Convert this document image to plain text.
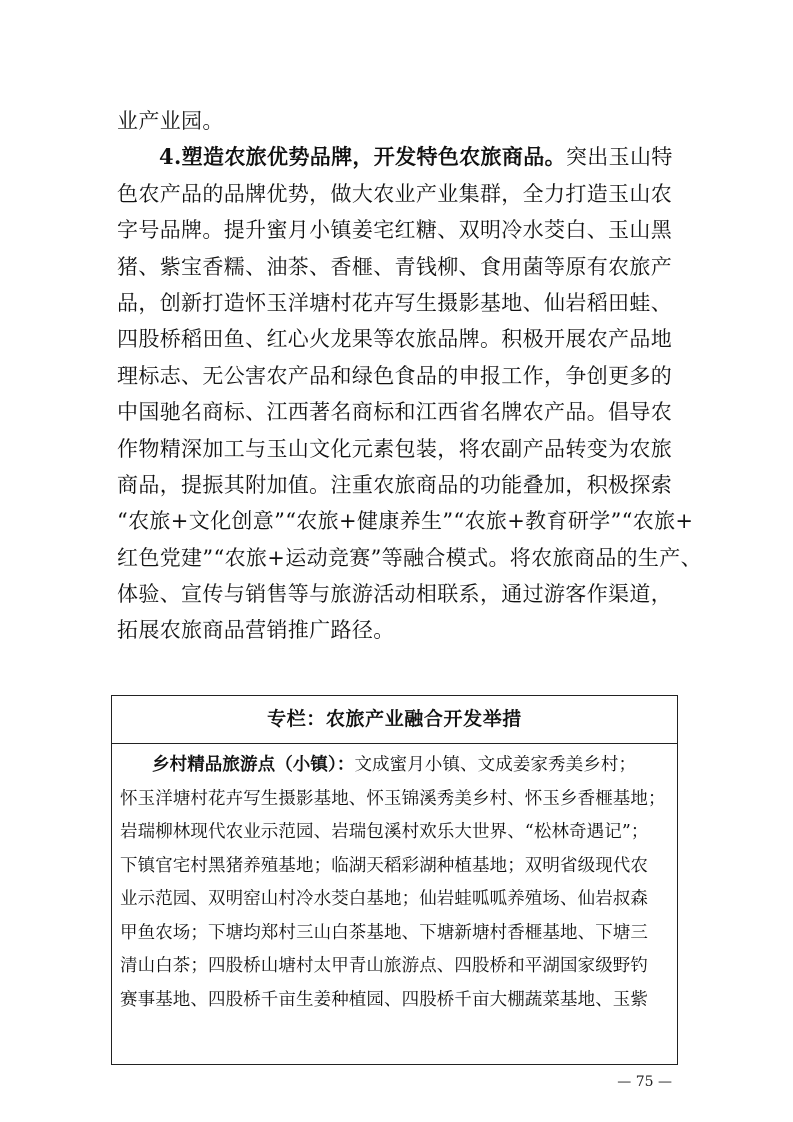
业产业园。
4.塑造农旅优势品牌，开发特色农旅商品。突出玉山特
色农产品的品牌优势，做大农业产业集群，全力打造玉山农
字号品牌。提升蜜月小镇姜宅红糖、双明冷水茭白、玉山黑
猪、紫宝香糯、油茶、香榧、青钱柳、食用菌等原有农旅产
品，创新打造怀玉洋塘村花卉写生摄影基地、仙岩稻田蛙、
四股桥稻田鱼、红心火龙果等农旅品牌。积极开展农产品地
理标志、无公害农产品和绿色食品的申报工作，争创更多的
中国驰名商标、江西著名商标和江西省名牌农产品。倡导农
作物精深加工与玉山文化元素包装，将农副产品转变为农旅
商品，提振其附加值。注重农旅商品的功能叠加，积极探索
“农旅+文化创意”“农旅+健康养生”“农旅+教育研学”“农旅+
红色党建”“农旅+运动竞赛”等融合模式。将农旅商品的生产、
体验、宣传与销售等与旅游活动相联系，通过游客作渠道，
拓展农旅商品营销推广路径。
专栏：农旅产业融合开发举措
乡村精品旅游点（小镇）：文成蜜月小镇、文成姜家秀美乡村；
怀玉洋塘村花卉写生摄影基地、怀玉锦溪秀美乡村、怀玉乡香榧基地；
岩瑞柳林现代农业示范园、岩瑞包溪村欢乐大世界、“松林奇遇记”；
下镇官宅村黑猪养殖基地；临湖天稻彩湖种植基地；双明省级现代农
业示范园、双明窑山村冷水茭白基地；仙岩蛙呱呱养殖场、仙岩叔森
甲鱼农场；下塘均郑村三山白茶基地、下塘新塘村香榧基地、下塘三
清山白茶；四股桥山塘村太甲青山旅游点、四股桥和平湖国家级野钓
赛事基地、四股桥千亩生姜种植园、四股桥千亩大棚蔬菜基地、玉紫
— 75 —
